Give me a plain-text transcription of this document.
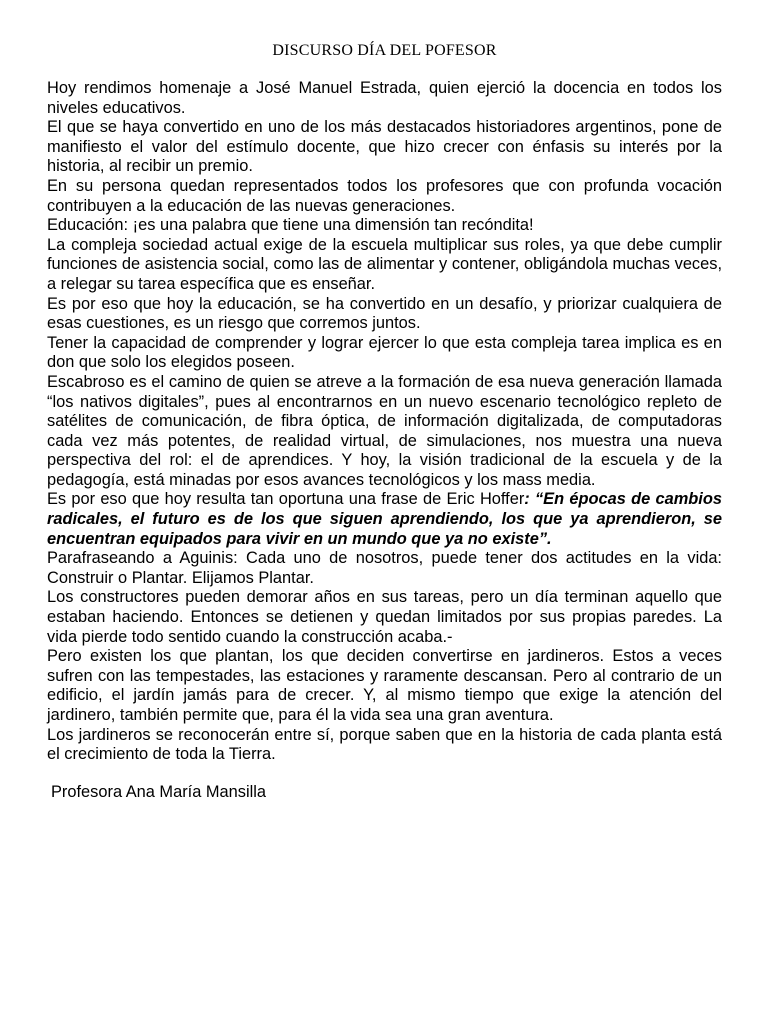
DISCURSO DÍA DEL POFESOR

Hoy rendimos homenaje a José Manuel Estrada, quien ejerció la docencia en todos los niveles educativos.

El que se haya convertido en uno de los más destacados historiadores argentinos, pone de manifiesto el valor del estímulo docente, que hizo crecer con énfasis su interés por la historia, al recibir un premio.

En su persona quedan representados todos los profesores que con profunda vocación contribuyen a la educación de las nuevas generaciones.

Educación: ¡es una palabra que tiene una dimensión tan recóndita!

La compleja sociedad actual exige de la escuela multiplicar sus roles, ya que debe cumplir funciones de asistencia social, como las de alimentar y contener, obligándola muchas veces, a relegar su tarea específica que es enseñar.

Es por eso que hoy la educación, se ha convertido en un desafío, y priorizar cualquiera de esas cuestiones, es un riesgo que corremos juntos.

Tener la capacidad de comprender y lograr ejercer lo que esta compleja tarea implica es en don que solo los elegidos poseen.

Escabroso es el camino de quien se atreve a la formación de esa nueva generación llamada “los nativos digitales”, pues al encontrarnos en un nuevo escenario tecnológico repleto de satélites de comunicación, de fibra óptica, de información digitalizada, de computadoras cada vez más potentes, de realidad virtual, de simulaciones, nos muestra una nueva perspectiva del rol: el de aprendices. Y hoy, la visión tradicional de la escuela y de la pedagogía, está minadas por esos avances tecnológicos y los mass media.

Es por eso que hoy resulta tan oportuna una frase de Eric Hoffer: “En épocas de cambios radicales, el futuro es de los que siguen aprendiendo, los que ya aprendieron, se encuentran equipados para vivir en un mundo que ya no existe”.

Parafraseando a Aguinis: Cada uno de nosotros, puede tener dos actitudes en la vida: Construir o Plantar. Elijamos Plantar.

Los constructores pueden demorar años en sus tareas, pero un día terminan aquello que estaban haciendo. Entonces se detienen y quedan limitados por sus propias paredes. La vida pierde todo sentido cuando la construcción acaba.-

Pero existen los que plantan, los que deciden convertirse en jardineros. Estos a veces sufren con las tempestades, las estaciones y raramente descansan. Pero al contrario de un edificio, el jardín jamás para de crecer. Y, al mismo tiempo que exige la atención del jardinero, también permite que, para él la vida sea una gran aventura.

Los jardineros se reconocerán entre sí, porque saben que en la historia de cada planta está el crecimiento de toda la Tierra.

Profesora Ana María Mansilla
